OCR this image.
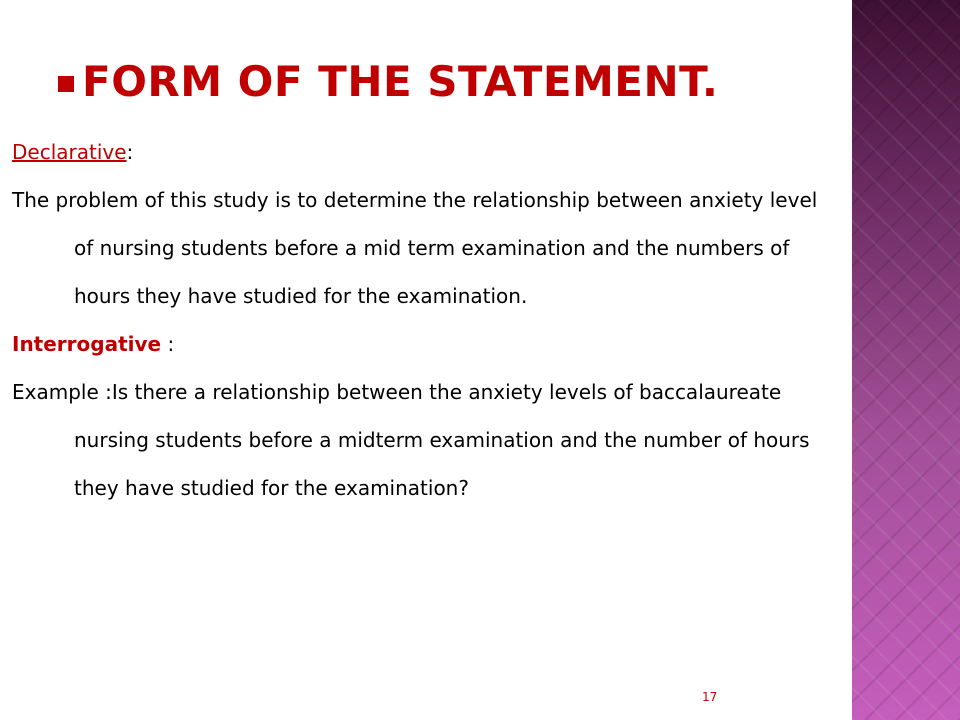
FORM OF THE STATEMENT.

Declarative:

The problem of this study is to determine the relationship between anxiety level of nursing students before a mid term examination and the numbers of hours they have studied for the examination.

Interrogative :

Example :Is there a relationship between the anxiety levels of baccalaureate nursing students before a midterm examination and the number of hours they have studied for the examination?

17
